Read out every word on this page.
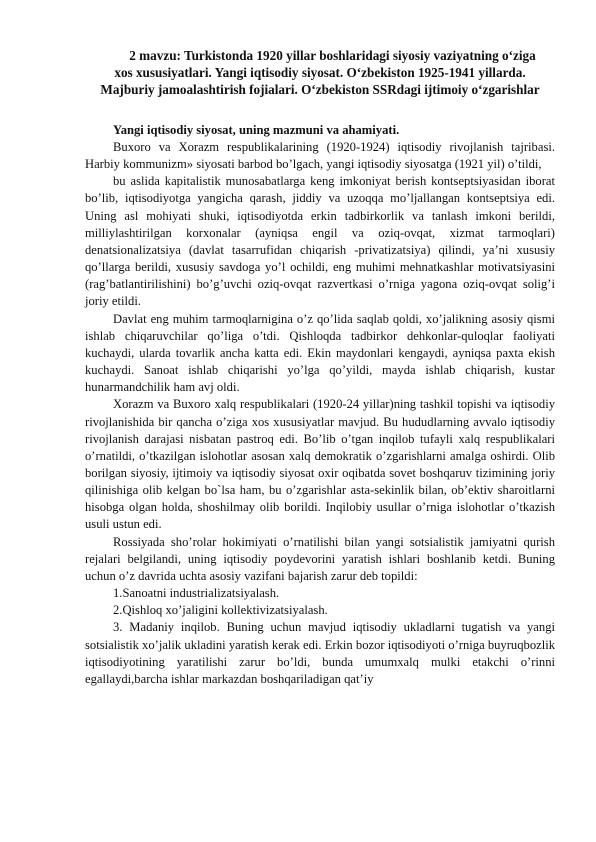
2 mavzu: Turkistonda 1920 yillar boshlaridagi siyosiy vaziyatning o‘ziga
xos xususiyatlari. Yangi iqtisodiy siyosat. O‘zbekiston 1925-1941 yillarda.
Majburiy jamoalashtirish fojialari. O‘zbekiston SSRdagi ijtimoiy o‘zgarishlar

Yangi iqtisodiy siyosat, uning mazmuni va ahamiyati.

Buxoro va Xorazm respublikalarining (1920-1924) iqtisodiy rivojlanish tajribasi. Harbiy kommunizm» siyosati barbod bo’lgach, yangi iqtisodiy siyosatga (1921 yil) o’tildi,

bu aslida kapitalistik munosabatlarga keng imkoniyat berish kontseptsiyasidan iborat bo’lib, iqtisodiyotga yangicha qarash, jiddiy va uzoqqa mo’ljallangan kontseptsiya edi. Uning asl mohiyati shuki, iqtisodiyotda erkin tadbirkorlik va tanlash imkoni berildi, milliylashtirilgan korxonalar (ayniqsa engil va oziq-ovqat, xizmat tarmoqlari) denatsionalizatsiya (davlat tasarrufidan chiqarish -privatizatsiya) qilindi, ya’ni xususiy qo’llarga berildi, xususiy savdoga yo’l ochildi, eng muhimi mehnatkashlar motivatsiyasini (rag’batlantirilishini) bo’g’uvchi oziq-ovqat razvertkasi o’rniga yagona oziq-ovqat solig’i joriy etildi.

Davlat eng muhim tarmoqlarnigina o’z qo’lida saqlab qoldi, xo’jalikning asosiy qismi ishlab chiqaruvchilar qo’liga o’tdi. Qishloqda tadbirkor dehkonlar-quloqlar faoliyati kuchaydi, ularda tovarlik ancha katta edi. Ekin maydonlari kengaydi, ayniqsa paxta ekish kuchaydi. Sanoat ishlab chiqarishi yo’lga qo’yildi, mayda ishlab chiqarish, kustar hunarmandchilik ham avj oldi.

Xorazm va Buxoro xalq respublikalari (1920-24 yillar)ning tashkil topishi va iqtisodiy rivojlanishida bir qancha o’ziga xos xususiyatlar mavjud. Bu hududlarning avvalo iqtisodiy rivojlanish darajasi nisbatan pastroq edi. Bo’lib o’tgan inqilob tufayli xalq respublikalari o’rnatildi, o’tkazilgan islohotlar asosan xalq demokratik o’zgarishlarni amalga oshirdi. Olib borilgan siyosiy, ijtimoiy va iqtisodiy siyosat oxir oqibatda sovet boshqaruv tizimining joriy qilinishiga olib kelgan bo`lsa ham, bu o’zgarishlar asta-sekinlik bilan, ob’ektiv sharoitlarni hisobga olgan holda, shoshilmay olib borildi. Inqilobiy usullar o’rniga islohotlar o’tkazish usuli ustun edi.

Rossiyada sho’rolar hokimiyati o’rnatilishi bilan yangi sotsialistik jamiyatni qurish rejalari belgilandi, uning iqtisodiy poydevorini yaratish ishlari boshlanib ketdi. Buning uchun o’z davrida uchta asosiy vazifani bajarish zarur deb topildi:

1.Sanoatni industrializatsiyalash.

2.Qishloq xo’jaligini kollektivizatsiyalash.

3. Madaniy inqilob. Buning uchun mavjud iqtisodiy ukladlarni tugatish va yangi sotsialistik xo’jalik ukladini yaratish kerak edi. Erkin bozor iqtisodiyoti o’rniga buyruqbozlik iqtisodiyotining yaratilishi zarur bo’ldi, bunda umumxalq mulki etakchi o’rinni egallaydi,barcha ishlar markazdan boshqariladigan qat’iy
